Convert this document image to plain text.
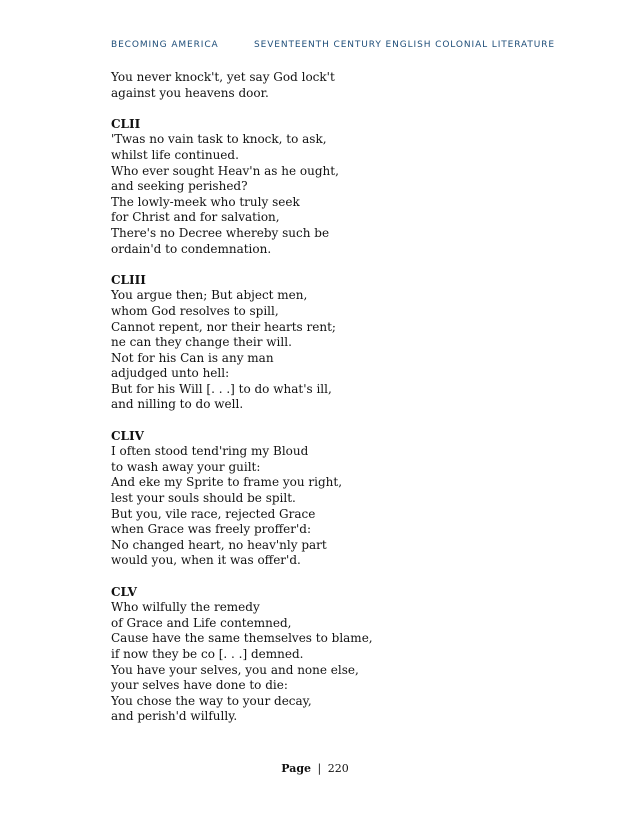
BECOMING AMERICA	SEVENTEENTH CENTURY ENGLISH COLONIAL LITERATURE
You never knock't, yet say God lock't
against you heavens door.
CLII
'Twas no vain task to knock, to ask,
whilst life continued.
Who ever sought Heav'n as he ought,
and seeking perished?
The lowly-meek who truly seek
for Christ and for salvation,
There's no Decree whereby such be
ordain'd to condemnation.
CLIII
You argue then; But abject men,
whom God resolves to spill,
Cannot repent, nor their hearts rent;
ne can they change their will.
Not for his Can is any man
adjudged unto hell:
But for his Will [. . .] to do what's ill,
and nilling to do well.
CLIV
I often stood tend'ring my Bloud
to wash away your guilt:
And eke my Sprite to frame you right,
lest your souls should be spilt.
But you, vile race, rejected Grace
when Grace was freely proffer'd:
No changed heart, no heav'nly part
would you, when it was offer'd.
CLV
Who wilfully the remedy
of Grace and Life contemned,
Cause have the same themselves to blame,
if now they be co [. . .] demned.
You have your selves, you and none else,
your selves have done to die:
You chose the way to your decay,
and perish'd wilfully.
Page | 220
